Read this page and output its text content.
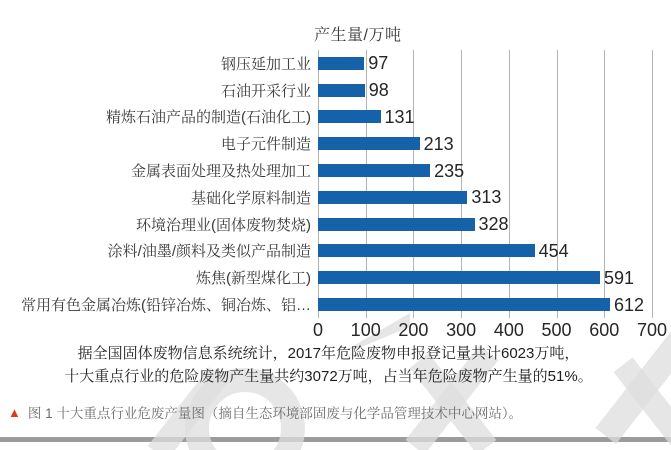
产生量/万吨
钢压延加工业	97
石油开采行业	98
精炼石油产品的制造(石油化工)	131
电子元件制造	213
金属表面处理及热处理加工	235
基础化学原料制造	313
环境治理业(固体废物焚烧)	328
涂料/油墨/颜料及类似产品制造	454
炼焦(新型煤化工)	591
常用有色金属冶炼(铅锌冶炼、铜冶炼、铝…	612
0 100 200 300 400 500 600 700
据全国固体废物信息系统统计，2017年危险废物申报登记量共计6023万吨，
十大重点行业的危险废物产生量共约3072万吨，占当年危险废物产生量的51%。
▲ 图 1 十大重点行业危废产量图（摘自生态环境部固废与化学品管理技术中心网站）。
